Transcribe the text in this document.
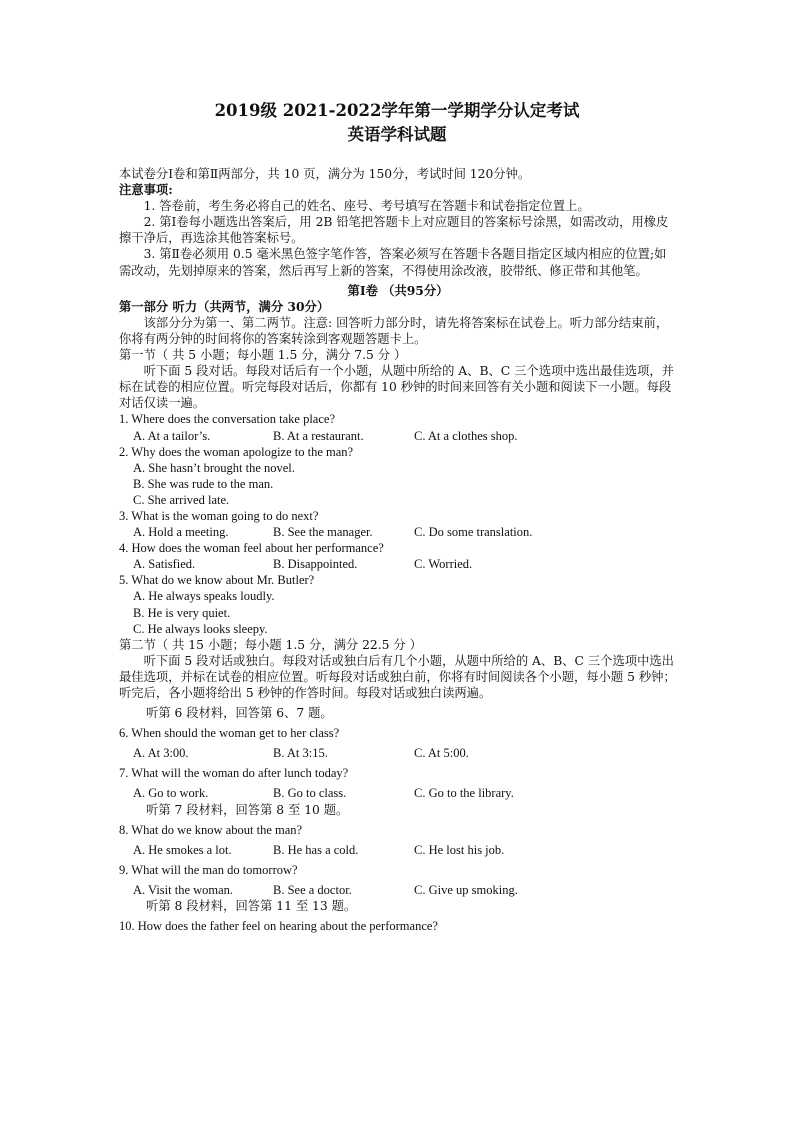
2019级 2021-2022学年第一学期学分认定考试
英语学科试题

本试卷分Ⅰ卷和第Ⅱ两部分，共 10 页，满分为 150分，考试时间 120分钟。

注意事项:

1. 答卷前，考生务必将自己的姓名、座号、考号填写在答题卡和试卷指定位置上。

2. 第Ⅰ卷每小题选出答案后，用 2B 铅笔把答题卡上对应题目的答案标号涂黑，如需改动，用橡皮擦干净后，再选涂其他答案标号。

3. 第Ⅱ卷必须用 0.5 毫米黑色签字笔作答，答案必须写在答题卡各题目指定区域内相应的位置;如需改动，先划掉原来的答案，然后再写上新的答案，不得使用涂改液，胶带纸、修正带和其他笔。

第Ⅰ卷 （共95分）

第一部分 听力（共两节，满分 30分）

该部分分为第一、第二两节。注意: 回答听力部分时，请先将答案标在试卷上。听力部分结束前，你将有两分钟的时间将你的答案转涂到客观题答题卡上。

第一节（ 共 5 小题；每小题 1.5 分，满分 7.5 分 ）

听下面 5 段对话。每段对话后有一个小题，从题中所给的 A、B、C 三个选项中选出最佳选项，并标在试卷的相应位置。听完每段对话后，你都有 10 秒钟的时间来回答有关小题和阅读下一小题。每段对话仅读一遍。

1. Where does the conversation take place?

A. At a tailor’s.	B. At a restaurant.	C. At a clothes shop.

2. Why does the woman apologize to the man?

A. She hasn’t brought the novel.

B. She was rude to the man.

C. She arrived late.

3. What is the woman going to do next?

A. Hold a meeting.	B. See the manager.	C. Do some translation.

4. How does the woman feel about her performance?

A. Satisfied.	B. Disappointed.	C. Worried.

5. What do we know about Mr. Butler?

A. He always speaks loudly.

B. He is very quiet.

C. He always looks sleepy.

第二节（ 共 15 小题；每小题 1.5 分，满分 22.5 分 ）

听下面 5 段对话或独白。每段对话或独白后有几个小题，从题中所给的 A、B、C 三个选项中选出最佳选项，并标在试卷的相应位置。听每段对话或独白前，你将有时间阅读各个小题，每小题 5 秒钟；听完后，各小题将给出 5 秒钟的作答时间。每段对话或独白读两遍。

听第 6 段材料，回答第 6、7 题。

6. When should the woman get to her class?

A. At 3:00.	B. At 3:15.	C. At 5:00.

7. What will the woman do after lunch today?

A. Go to work.	B. Go to class.	C. Go to the library.

听第 7 段材料，回答第 8 至 10 题。

8. What do we know about the man?

A. He smokes a lot.	B. He has a cold.	C. He lost his job.

9. What will the man do tomorrow?

A. Visit the woman.	B. See a doctor.	C. Give up smoking.

听第 8 段材料，回答第 11 至 13 题。

10. How does the father feel on hearing about the performance?
